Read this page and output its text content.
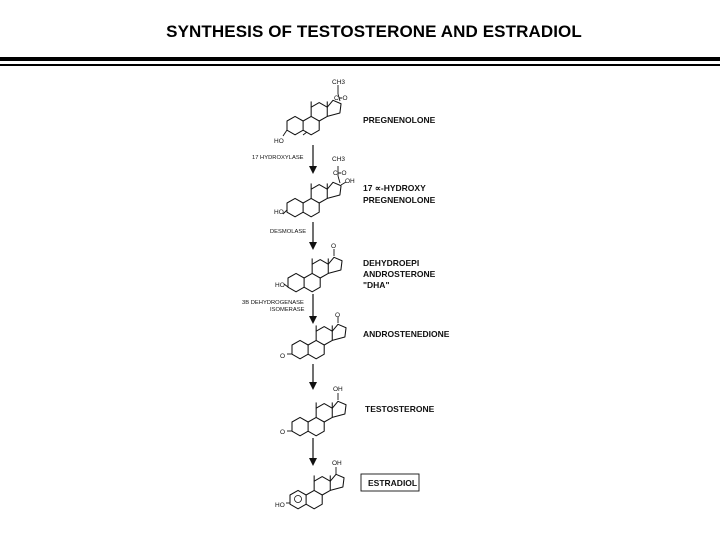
SYNTHESIS OF TESTOSTERONE AND ESTRADIOL
CH3
C=O
HO
PREGNENOLONE
17 HYDROXYLASE	CH3
C=O
OH
HO
17 ∝-HYDROXY
PREGNENOLONE
DESMOLASE
O
HO
DEHYDROEPI
ANDROSTERONE
"DHA"
3B DEHYDROGENASE
ISOMERASE
O
O
ANDROSTENEDIONE
OH
O
TESTOSTERONE
OH
HO
ESTRADIOL
